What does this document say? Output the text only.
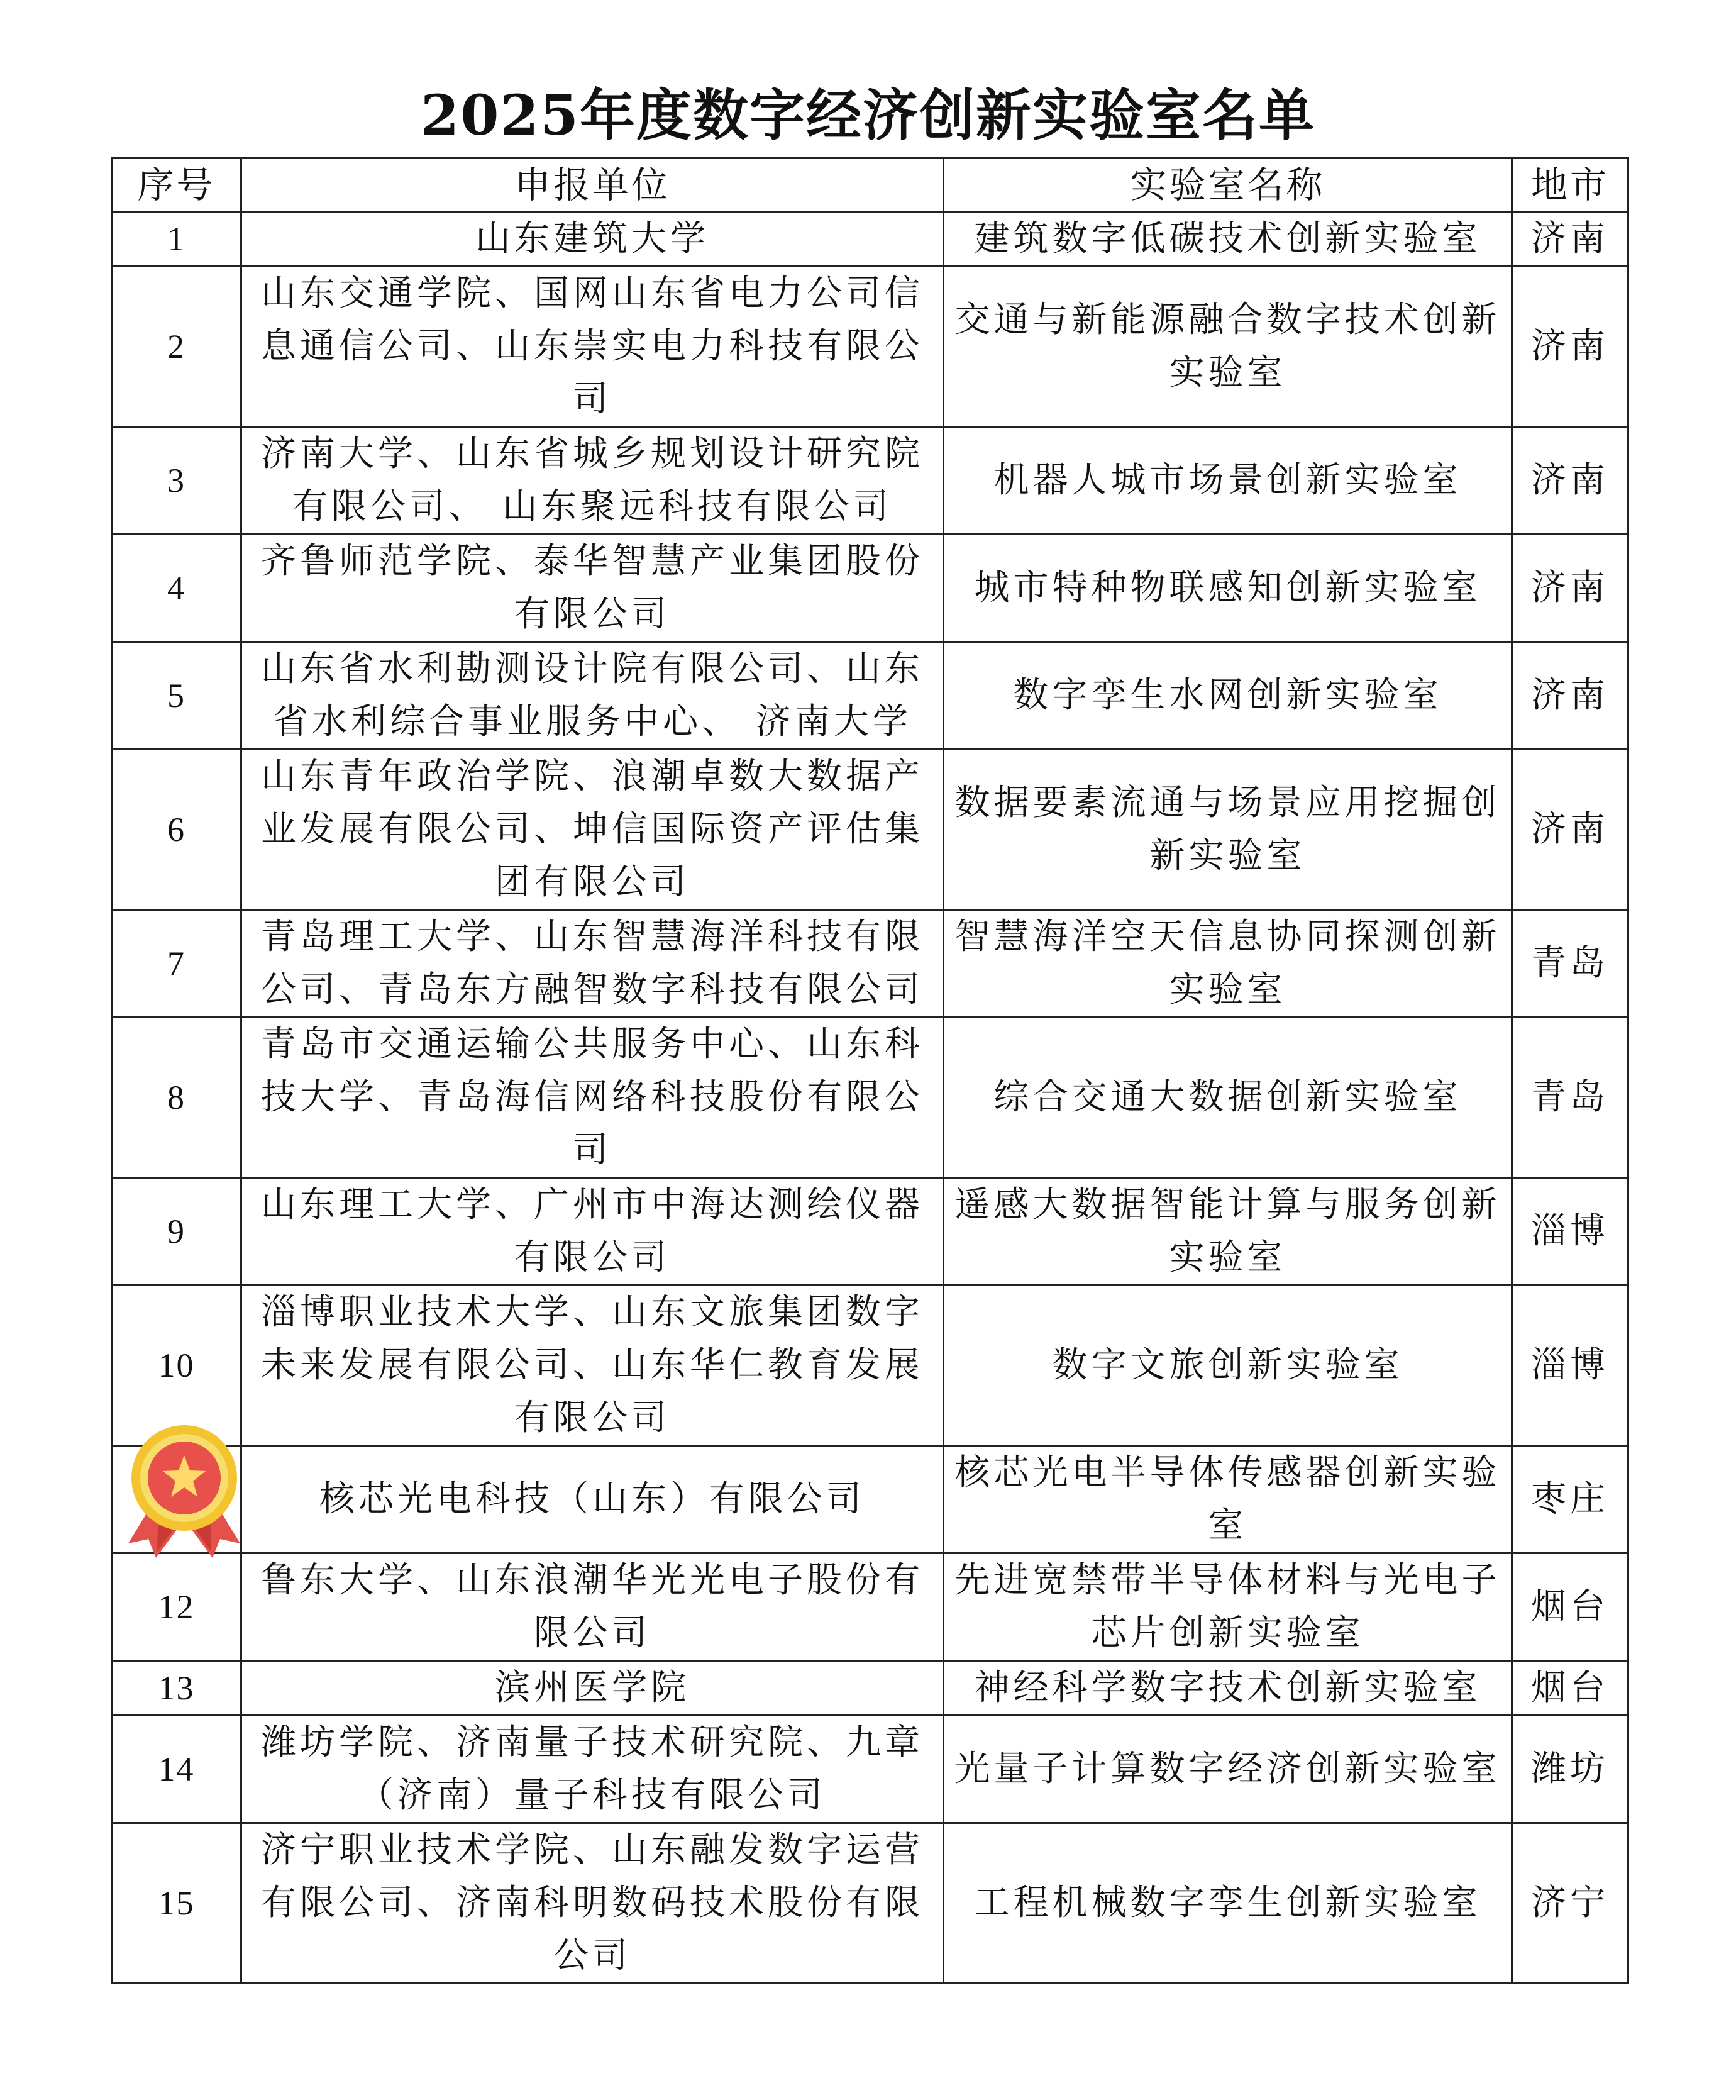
2025年度数字经济创新实验室名单
序号	申报单位	实验室名称	地市
1	山东建筑大学	建筑数字低碳技术创新实验室	济南
2	山东交通学院、国网山东省电力公司信息通信公司、山东崇实电力科技有限公司	交通与新能源融合数字技术创新实验室	济南
3	济南大学、山东省城乡规划设计研究院有限公司、 山东聚远科技有限公司	机器人城市场景创新实验室	济南
4	齐鲁师范学院、泰华智慧产业集团股份有限公司	城市特种物联感知创新实验室	济南
5	山东省水利勘测设计院有限公司、山东省水利综合事业服务中心、 济南大学	数字孪生水网创新实验室	济南
6	山东青年政治学院、浪潮卓数大数据产业发展有限公司、坤信国际资产评估集团有限公司	数据要素流通与场景应用挖掘创新实验室	济南
7	青岛理工大学、山东智慧海洋科技有限公司、青岛东方融智数字科技有限公司	智慧海洋空天信息协同探测创新实验室	青岛
8	青岛市交通运输公共服务中心、山东科技大学、青岛海信网络科技股份有限公司	综合交通大数据创新实验室	青岛
9	山东理工大学、广州市中海达测绘仪器有限公司	遥感大数据智能计算与服务创新实验室	淄博
10	淄博职业技术大学、山东文旅集团数字未来发展有限公司、山东华仁教育发展有限公司	数字文旅创新实验室	淄博
	核芯光电科技（山东）有限公司	核芯光电半导体传感器创新实验室	枣庄
12	鲁东大学、山东浪潮华光光电子股份有限公司	先进宽禁带半导体材料与光电子芯片创新实验室	烟台
13	滨州医学院	神经科学数字技术创新实验室	烟台
14	潍坊学院、济南量子技术研究院、九章（济南）量子科技有限公司	光量子计算数字经济创新实验室	潍坊
15	济宁职业技术学院、山东融发数字运营有限公司、济南科明数码技术股份有限公司	工程机械数字孪生创新实验室	济宁
